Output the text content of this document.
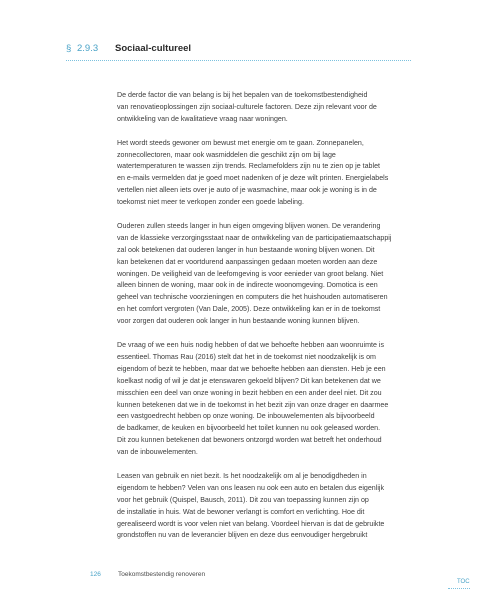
§ 2.9.3	Sociaal-cultureel

De derde factor die van belang is bij het bepalen van de toekomstbestendigheid
van renovatieoplossingen zijn sociaal-culturele factoren. Deze zijn relevant voor de
ontwikkeling van de kwalitatieve vraag naar woningen.

Het wordt steeds gewoner om bewust met energie om te gaan. Zonnepanelen,
zonnecollectoren, maar ook wasmiddelen die geschikt zijn om bij lage
watertemperaturen te wassen zijn trends. Reclamefolders zijn nu te zien op je tablet
en e-mails vermelden dat je goed moet nadenken of je deze wilt printen. Energielabels
vertellen niet alleen iets over je auto of je wasmachine, maar ook je woning is in de
toekomst niet meer te verkopen zonder een goede labeling.

Ouderen zullen steeds langer in hun eigen omgeving blijven wonen. De verandering
van de klassieke verzorgingsstaat naar de ontwikkeling van de participatiemaatschappij
zal ook betekenen dat ouderen langer in hun bestaande woning blijven wonen. Dit
kan betekenen dat er voortdurend aanpassingen gedaan moeten worden aan deze
woningen. De veiligheid van de leefomgeving is voor eenieder van groot belang. Niet
alleen binnen de woning, maar ook in de indirecte woonomgeving. Domotica is een
geheel van technische voorzieningen en computers die het huishouden automatiseren
en het comfort vergroten (Van Dale, 2005). Deze ontwikkeling kan er in de toekomst
voor zorgen dat ouderen ook langer in hun bestaande woning kunnen blijven.

De vraag of we een huis nodig hebben of dat we behoefte hebben aan woonruimte is
essentieel. Thomas Rau (2016) stelt dat het in de toekomst niet noodzakelijk is om
eigendom of bezit te hebben, maar dat we behoefte hebben aan diensten. Heb je een
koelkast nodig of wil je dat je etenswaren gekoeld blijven? Dit kan betekenen dat we
misschien een deel van onze woning in bezit hebben en een ander deel niet. Dit zou
kunnen betekenen dat we in de toekomst in het bezit zijn van onze drager en daarmee
een vastgoedrecht hebben op onze woning. De inbouwelementen als bijvoorbeeld
de badkamer, de keuken en bijvoorbeeld het toilet kunnen nu ook geleased worden.
Dit zou kunnen betekenen dat bewoners ontzorgd worden wat betreft het onderhoud
van de inbouwelementen.

Leasen van gebruik en niet bezit. Is het noodzakelijk om al je benodigdheden in
eigendom te hebben? Velen van ons leasen nu ook een auto en betalen dus eigenlijk
voor het gebruik (Quispel, Bausch, 2011). Dit zou van toepassing kunnen zijn op
de installatie in huis. Wat de bewoner verlangt is comfort en verlichting. Hoe dit
gerealiseerd wordt is voor velen niet van belang. Voordeel hiervan is dat de gebruikte
grondstoffen nu van de leverancier blijven en deze dus eenvoudiger hergebruikt

126	Toekomstbestendig renoveren
TOC
